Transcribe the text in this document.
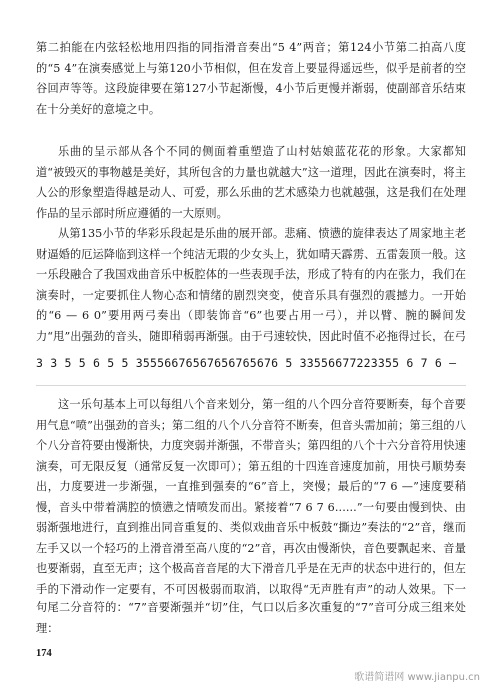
第二拍能在内弦轻松地用四指的同指滑音奏出“5 4”两音；第124小节第二拍高八度的“5 4”在演奏感觉上与第120小节相似，但在发音上要显得遥远些，似乎是前者的空谷回声等等。这段旋律要在第127小节起渐慢，4小节后更慢并渐弱，使副部音乐结束在十分美好的意境之中。
乐曲的呈示部从各个不同的侧面着重塑造了山村姑娘蓝花花的形象。大家都知道“被毁灭的事物越是美好，其所包含的力量也就越大”这一道理，因此在演奏时，将主人公的形象塑造得越是动人、可爱，那么乐曲的艺术感染力也就越强，这是我们在处理作品的呈示部时所应遵循的一大原则。
从第135小节的华彩乐段起是乐曲的展开部。悲痛、愤懑的旋律表达了周家地主老财逼婚的厄运降临到这样一个纯洁无瑕的少女头上，犹如晴天霹雳、五雷轰顶一般。这一乐段融合了我国戏曲音乐中板腔体的一些表现手法，形成了特有的内在张力，我们在演奏时，一定要抓住人物心态和情绪的剧烈突变，使音乐具有强烈的震撼力。一开始的“6 — 6 0”要用两弓奏出（即装饰音“6”也要占用一弓），并以臂、腕的瞬间发力“甩”出强劲的音头，随即稍弱再渐强。由于弓速较快，因此时值不必拖得过长，在弓
3 3 5 5 6 5 5 35556676567656765676 5 33556677223355 6 7 6 —
这一乐句基本上可以每组八个音来划分，第一组的八个四分音符要断奏，每个音要用气息“喷”出强劲的音头；第二组的八个八分音符不断奏，但音头需加前；第三组的八个八分音符要由慢渐快，力度突弱并渐强，不带音头；第四组的八个十六分音符用快速演奏，可无限反复（通常反复一次即可）；第五组的十四连音速度加前，用快弓顺势奏出，力度要进一步渐强，一直推到强奏的“6”音上，突慢；最后的“7 6 —”速度要稍慢，音头中带着满腔的愤懑之情喷发而出。紧接着“7 6 7 6......”一句要由慢到快、由弱渐强地进行，直到推出同音重复的、类似戏曲音乐中板鼓“撕边”奏法的“2”音，继而左手又以一个轻巧的上滑音滑至高八度的“2”音，再次由慢渐快，音色要飘起来、音量也要渐弱，直至无声；这个极高音音尾的大下滑音几乎是在无声的状态中进行的，但左手的下滑动作一定要有，不可因极弱而取消，以取得“无声胜有声”的动人效果。下一
句尾二分音符的：“7”音要渐强并“切”住，气口以后多次重复的“7”音可分成三组来处理：
174
歌谱简谱网 www.jianpu.cn
